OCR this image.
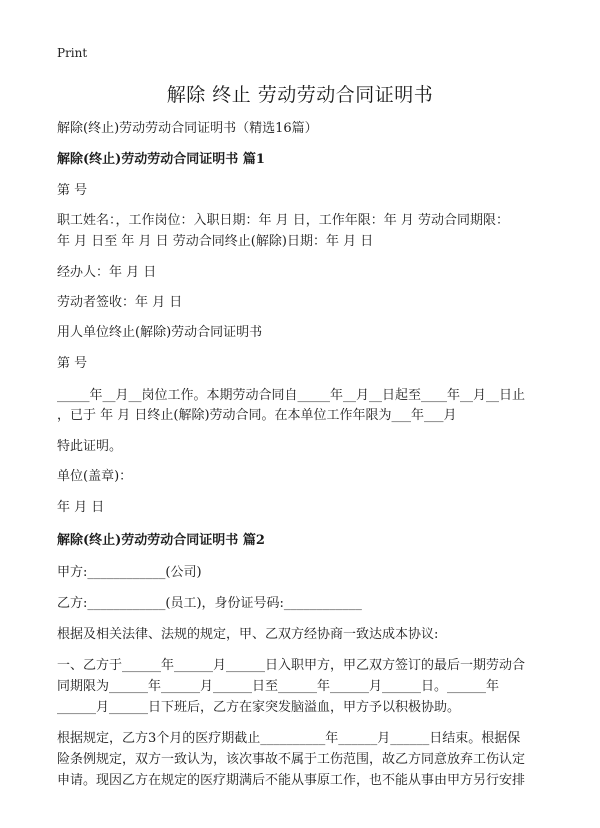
Print
解除 终止 劳动劳动合同证明书
解除(终止)劳动劳动合同证明书（精选16篇）
解除(终止)劳动劳动合同证明书 篇1
第 号
职工姓名：，工作岗位：入职日期：年 月 日，工作年限：年 月 劳动合同期限：
年 月 日至 年 月 日 劳动合同终止(解除)日期：年 月 日
经办人：年 月 日
劳动者签收：年 月 日
用人单位终止(解除)劳动合同证明书
第 号
_____年__月__岗位工作。本期劳动合同自_____年__月__日起至____年__月__日止
，已于 年 月 日终止(解除)劳动合同。在本单位工作年限为___年___月
特此证明。
单位(盖章)：
年 月 日
解除(终止)劳动劳动合同证明书 篇2
甲方:____________(公司)
乙方:____________(员工)，身份证号码:____________
根据及相关法律、法规的规定，甲、乙双方经协商一致达成本协议:
一、乙方于______年______月______日入职甲方，甲乙双方签订的最后一期劳动合
同期限为______年______月______日至______年______月______日。______年
______月______日下班后，乙方在家突发脑溢血，甲方予以积极协助。
根据规定，乙方3个月的医疗期截止__________年______月______日结束。根据保
险条例规定，双方一致认为，该次事故不属于工伤范围，故乙方同意放弃工伤认定
申请。现因乙方在规定的医疗期满后不能从事原工作，也不能从事由甲方另行安排
